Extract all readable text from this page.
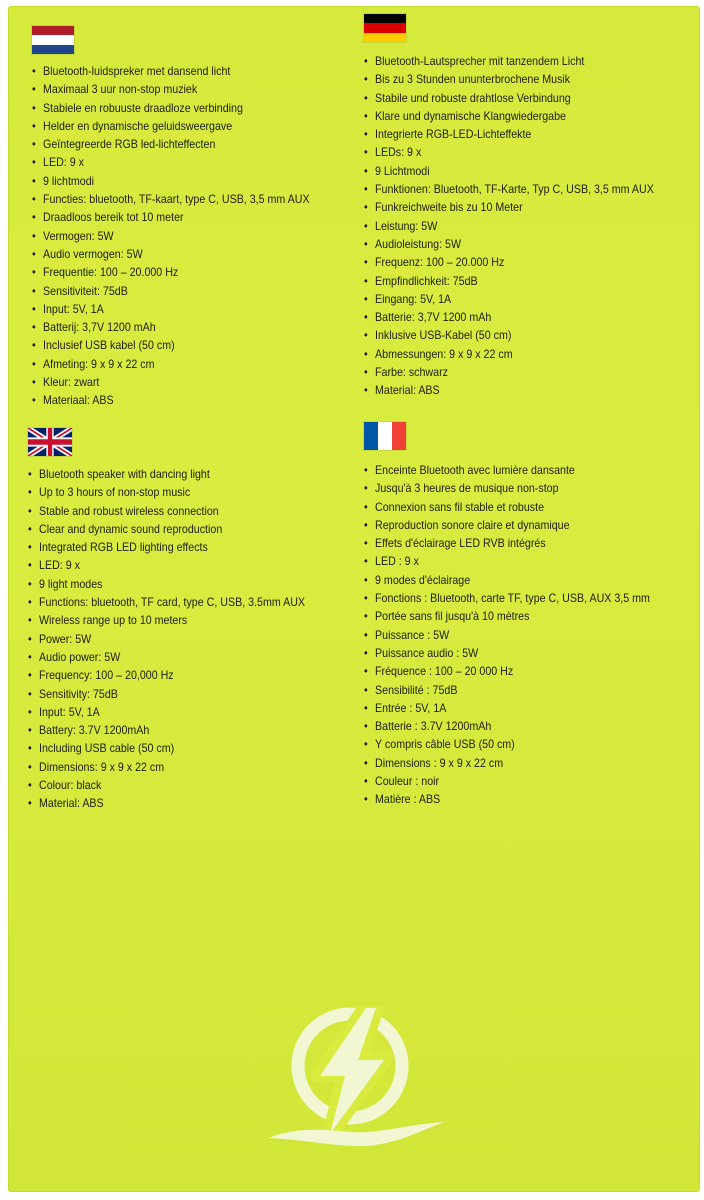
• Bluetooth-luidspreker met dansend licht
• Maximaal 3 uur non-stop muziek
• Stabiele en robuuste draadloze verbinding
• Helder en dynamische geluidsweergave
• Geïntegreerde RGB led-lichteffecten
• LED: 9 x
• 9 lichtmodi
• Functies: bluetooth, TF-kaart, type C, USB, 3,5 mm AUX
• Draadloos bereik tot 10 meter
• Vermogen: 5W
• Audio vermogen: 5W
• Frequentie: 100 – 20.000 Hz
• Sensitiviteit: 75dB
• Input: 5V, 1A
• Batterij: 3,7V 1200 mAh
• Inclusief USB kabel (50 cm)
• Afmeting: 9 x 9 x 22 cm
• Kleur: zwart
• Materiaal: ABS
• Bluetooth-Lautsprecher mit tanzendem Licht
• Bis zu 3 Stunden ununterbrochene Musik
• Stabile und robuste drahtlose Verbindung
• Klare und dynamische Klangwiedergabe
• Integrierte RGB-LED-Lichteffekte
• LEDs: 9 x
• 9 Lichtmodi
• Funktionen: Bluetooth, TF-Karte, Typ C, USB, 3,5 mm AUX
• Funkreichweite bis zu 10 Meter
• Leistung: 5W
• Audioleistung: 5W
• Frequenz: 100 – 20.000 Hz
• Empfindlichkeit: 75dB
• Eingang: 5V, 1A
• Batterie: 3,7V 1200 mAh
• Inklusive USB-Kabel (50 cm)
• Abmessungen: 9 x 9 x 22 cm
• Farbe: schwarz
• Material: ABS
• Bluetooth speaker with dancing light
• Up to 3 hours of non-stop music
• Stable and robust wireless connection
• Clear and dynamic sound reproduction
• Integrated RGB LED lighting effects
• LED: 9 x
• 9 light modes
• Functions: bluetooth, TF card, type C, USB, 3.5mm AUX
• Wireless range up to 10 meters
• Power: 5W
• Audio power: 5W
• Frequency: 100 – 20,000 Hz
• Sensitivity: 75dB
• Input: 5V, 1A
• Battery: 3.7V 1200mAh
• Including USB cable (50 cm)
• Dimensions: 9 x 9 x 22 cm
• Colour: black
• Material: ABS
• Enceinte Bluetooth avec lumière dansante
• Jusqu'à 3 heures de musique non-stop
• Connexion sans fil stable et robuste
• Reproduction sonore claire et dynamique
• Effets d'éclairage LED RVB intégrés
• LED : 9 x
• 9 modes d'éclairage
• Fonctions : Bluetooth, carte TF, type C, USB, AUX 3,5 mm
• Portée sans fil jusqu'à 10 mètres
• Puissance : 5W
• Puissance audio : 5W
• Fréquence : 100 – 20 000 Hz
• Sensibilité : 75dB
• Entrée : 5V, 1A
• Batterie : 3.7V 1200mAh
• Y compris câble USB (50 cm)
• Dimensions : 9 x 9 x 22 cm
• Couleur : noir
• Matière : ABS
